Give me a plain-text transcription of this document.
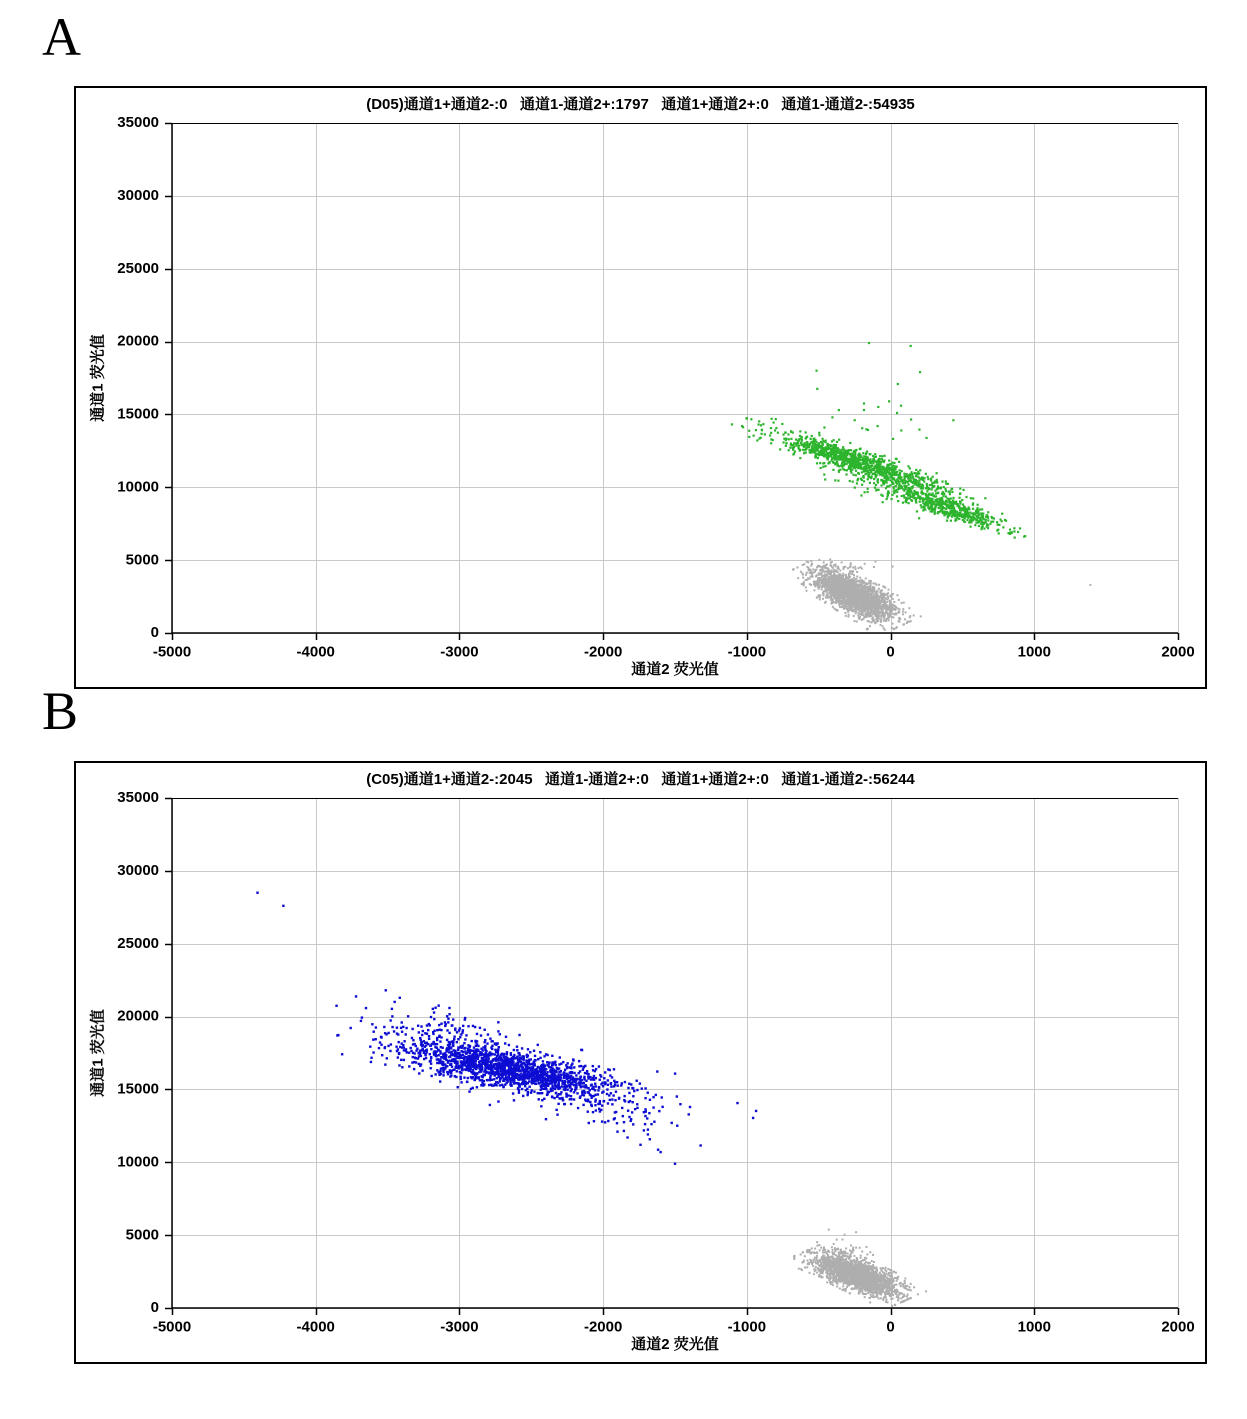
A
(D05)通道1+通道2-:0   通道1-通道2+:1797   通道1+通道2+:0   通道1-通道2-:54935
通道2 荧光值
通道1 荧光值
B
(C05)通道1+通道2-:2045   通道1-通道2+:0   通道1+通道2+:0   通道1-通道2-:56244
通道2 荧光值
通道1 荧光值
